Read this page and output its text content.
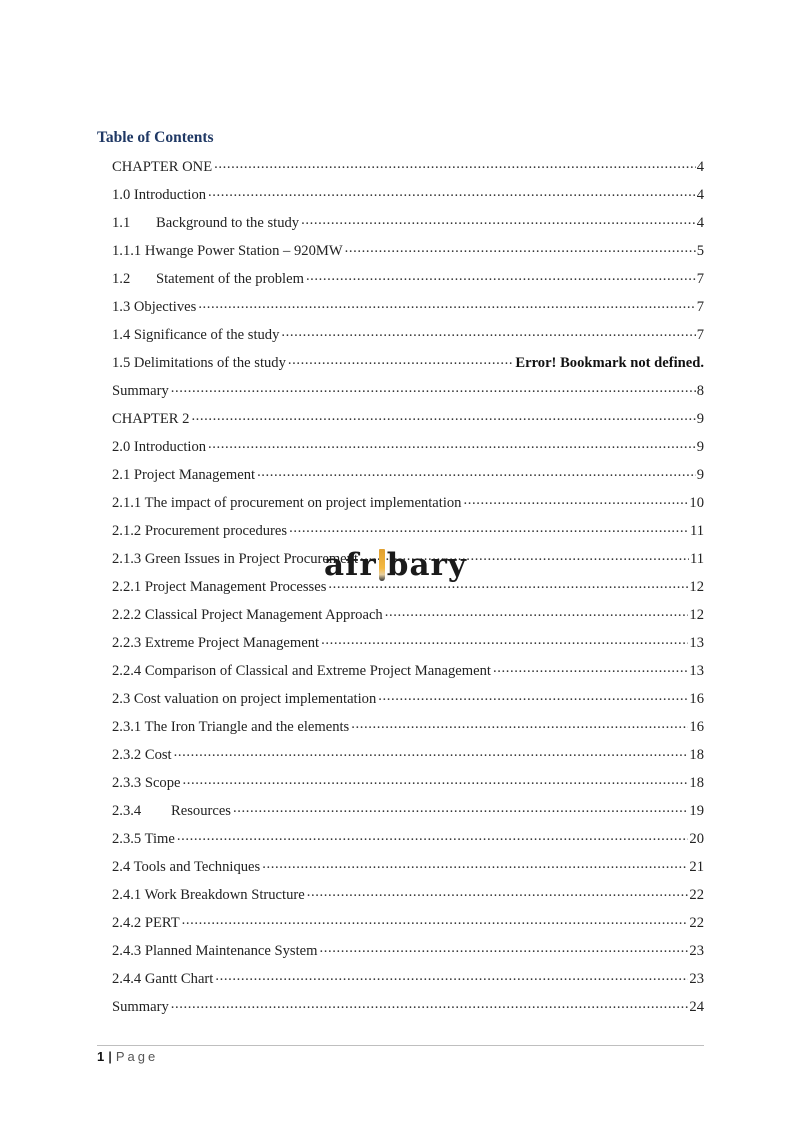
Table of Contents
CHAPTER ONE .....	4
1.0 Introduction .....	4
1.1	Background to the study .....	4
1.1.1 Hwange Power Station – 920MW .....	5
1.2	Statement of the problem .....	7
1.3 Objectives .....	7
1.4 Significance of the study .....	7
1.5 Delimitations of the study .....	Error! Bookmark not defined.
Summary .....	8
CHAPTER 2 .....	9
2.0 Introduction .....	9
2.1 Project Management .....	9
2.1.1 The impact of procurement on project implementation .....	10
2.1.2 Procurement procedures .....	11
2.1.3 Green Issues in Project Procurement .....	11
2.2.1 Project Management Processes .....	12
2.2.2 Classical Project Management Approach .....	12
2.2.3 Extreme Project Management .....	13
2.2.4 Comparison of Classical and Extreme Project Management .....	13
2.3 Cost valuation on project implementation .....	16
2.3.1 The Iron Triangle and the elements .....	16
2.3.2 Cost .....	18
2.3.3 Scope .....	18
2.3.4	Resources .....	19
2.3.5 Time .....	20
2.4 Tools and Techniques .....	21
2.4.1 Work Breakdown Structure .....	22
2.4.2 PERT .....	22
2.4.3 Planned Maintenance System .....	23
2.4.4 Gantt Chart .....	23
Summary .....	24
afr bary
1 | Page
